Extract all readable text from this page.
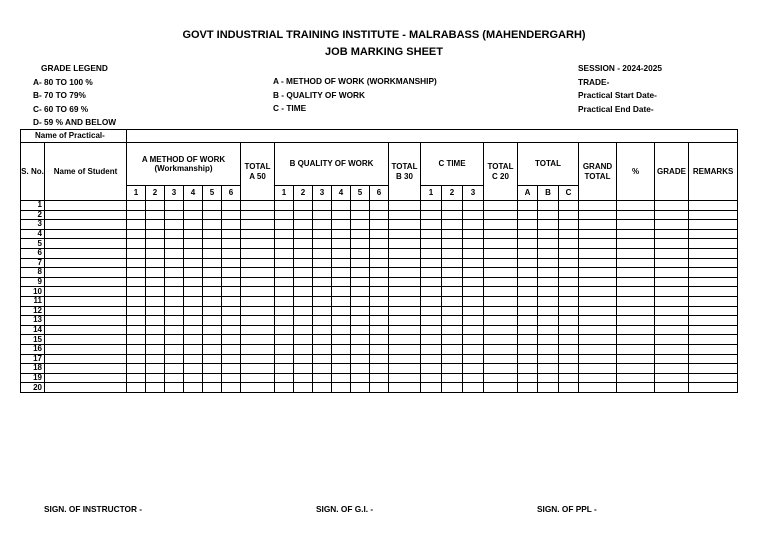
GOVT INDUSTRIAL TRAINING INSTITUTE - MALRABASS (MAHENDERGARH)
JOB MARKING SHEET
GRADE LEGEND
A- 80 TO 100 %
B- 70 TO 79%
C- 60 TO 69 %
D- 59 % AND BELOW
A - METHOD OF WORK (WORKMANSHIP)
B - QUALITY OF WORK
C - TIME
SESSION - 2024-2025
TRADE-
Practical Start Date-
Practical End Date-
Name of Practical-																										
S. No.	Name of Student	A METHOD OF WORK (Workmanship)						TOTAL A 50	B QUALITY OF WORK						TOTAL B 30	C TIME			TOTAL C 20	TOTAL			GRAND TOTAL	%	GRADE	REMARKS
		1	2	3	4	5	6		1	2	3	4	5	6		1	2	3		A	B	C				
1																										
2																										
3																										
4																										
5																										
6																										
7																										
8																										
9																										
10																										
11																										
12																										
13																										
14																										
15																										
16																										
17																										
18																										
19																										
20																										
SIGN. OF INSTRUCTOR -	SIGN. OF G.I. -	SIGN. OF PPL -
